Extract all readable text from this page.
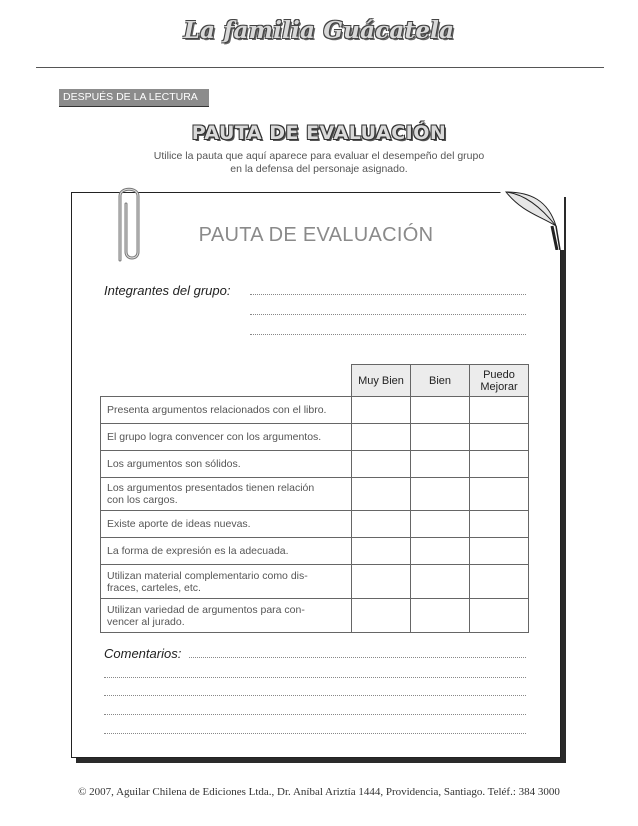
La familia Guácatela
DESPUÉS DE LA LECTURA
PAUTA DE EVALUACIÓN
Utilice la pauta que aquí aparece para evaluar el desempeño del grupo
en la defensa del personaje asignado.
PAUTA DE EVALUACIÓN
Integrantes del grupo:
	Muy Bien	Bien	Puedo
Mejorar

Presenta argumentos relacionados con el libro.			
El grupo logra convencer con los argumentos.			
Los argumentos son sólidos.			

Los argumentos presentados tienen relación
con los cargos.			

Existe aporte de ideas nuevas.			
La forma de expresión es la adecuada.			

Utilizan material complementario como dis-
fraces, carteles, etc.			

Utilizan variedad de argumentos para con-
vencer al jurado.			

Comentarios:
© 2007, Aguilar Chilena de Ediciones Ltda., Dr. Aníbal Ariztía 1444, Providencia, Santiago. Teléf.: 384 3000
